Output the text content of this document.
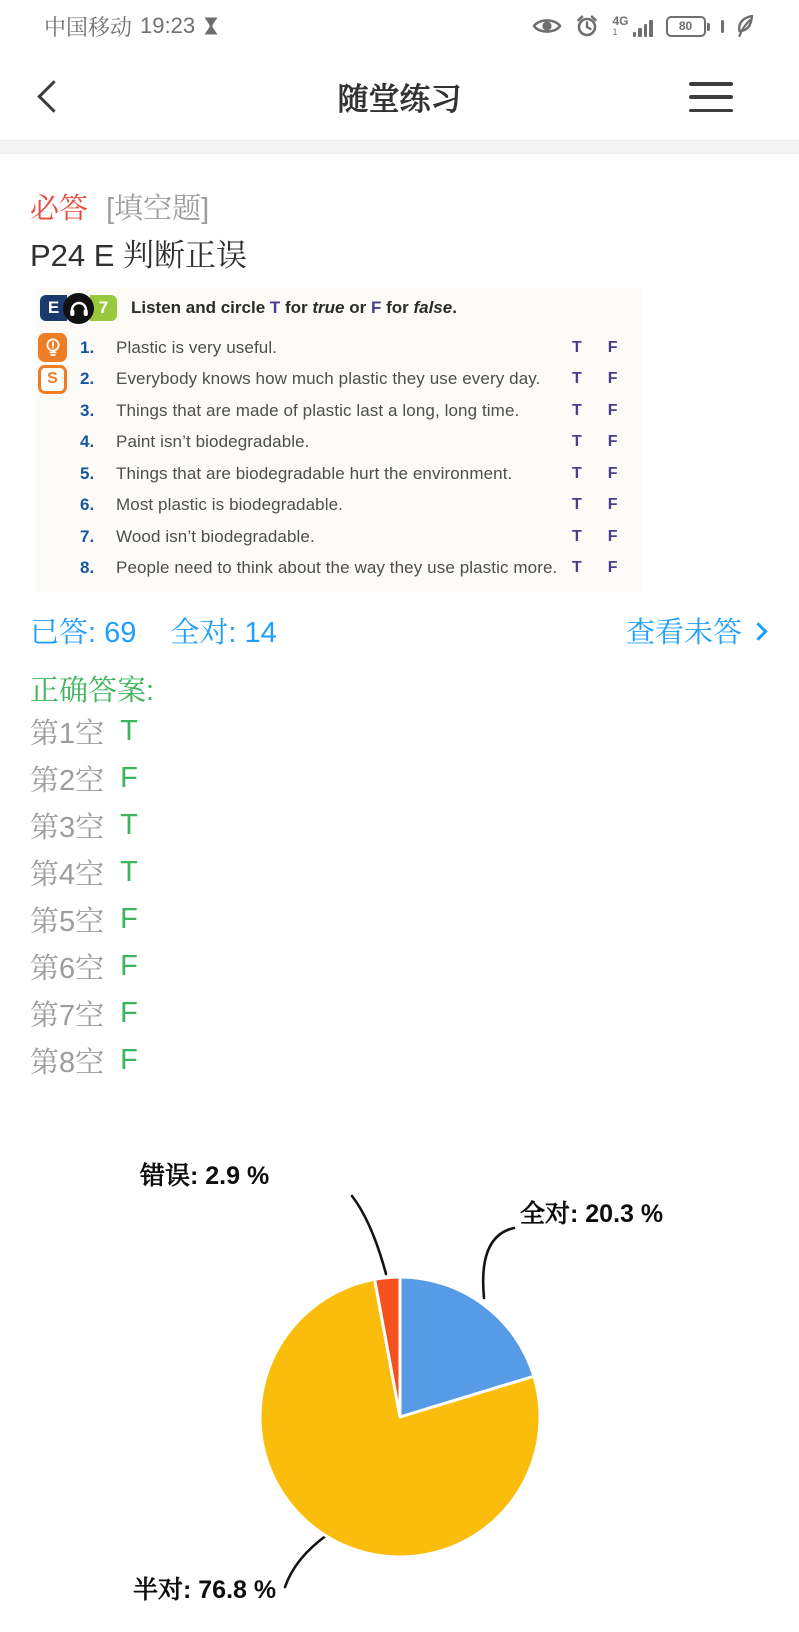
中国移动 19:23	4G
1	80
随堂练习
必答 [填空题]
P24 E 判断正误
E	7	Listen and circle T for true or F for false.
1.	Plastic is very useful.	T F
S 2.	Everybody knows how much plastic they use every day.	T F
3.	Things that are made of plastic last a long, long time.	T F
4.	Paint isn’t biodegradable.	T F
5.	Things that are biodegradable hurt the environment.	T F
6.	Most plastic is biodegradable.	T F
7.	Wood isn’t biodegradable.	T F
8.	People need to think about the way they use plastic more. T F
已答: 69 全对: 14	查看未答
正确答案:
第1空 T
第2空 F
第3空 T
第4空 T
第5空 F
第6空 F
第7空 F
第8空 F
错误: 2.9 %
全对: 20.3 %
半对: 76.8 %
